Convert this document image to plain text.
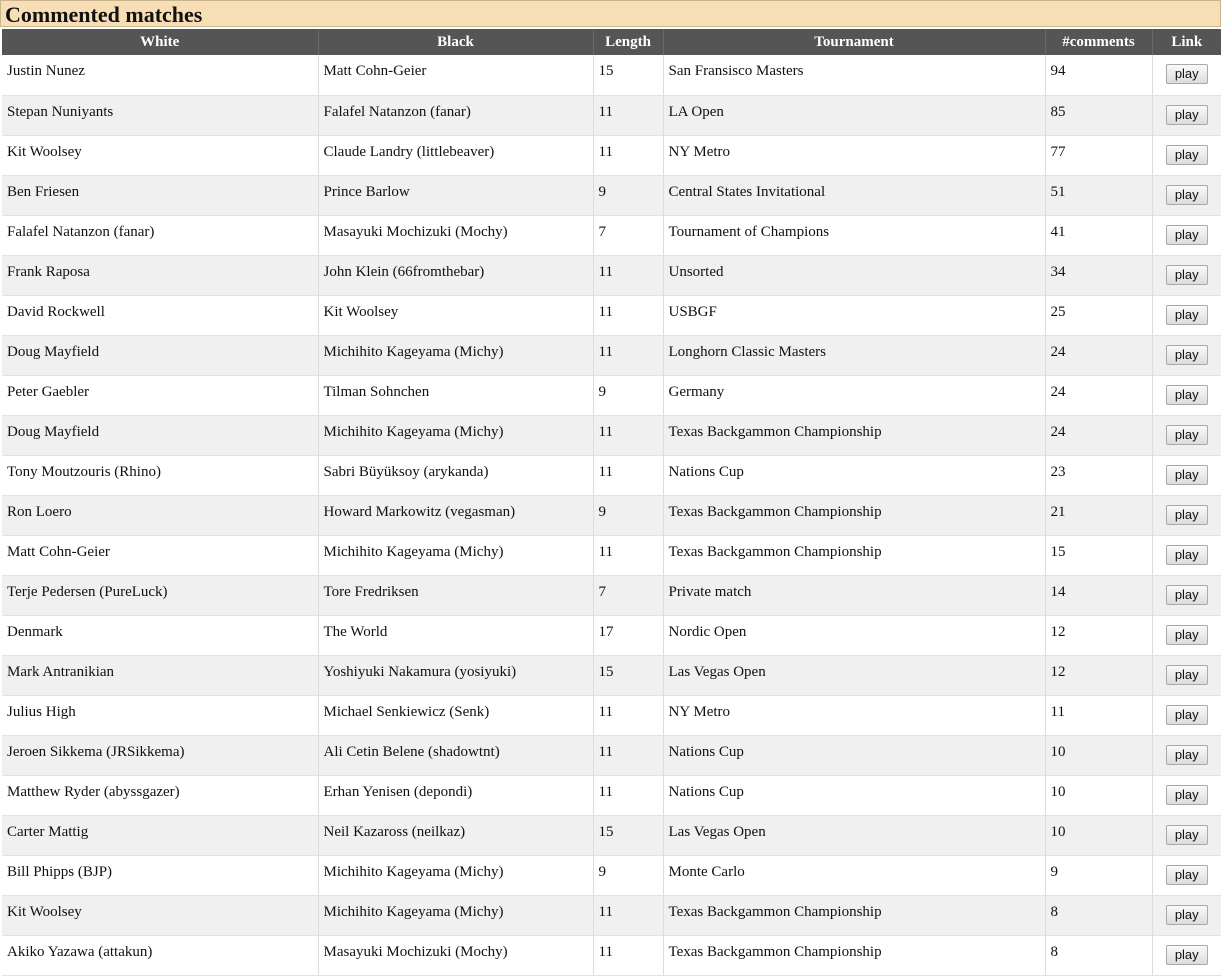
Commented matches
White	Black	Length	Tournament	#comments	Link
Justin Nunez	Matt Cohn-Geier	15	San Fransisco Masters	94	play
Stepan Nuniyants	Falafel Natanzon (fanar)	11	LA Open	85	play
Kit Woolsey	Claude Landry (littlebeaver)	11	NY Metro	77	play
Ben Friesen	Prince Barlow	9	Central States Invitational	51	play
Falafel Natanzon (fanar)	Masayuki Mochizuki (Mochy)	7	Tournament of Champions	41	play
Frank Raposa	John Klein (66fromthebar)	11	Unsorted	34	play
David Rockwell	Kit Woolsey	11	USBGF	25	play
Doug Mayfield	Michihito Kageyama (Michy)	11	Longhorn Classic Masters	24	play
Peter Gaebler	Tilman Sohnchen	9	Germany	24	play
Doug Mayfield	Michihito Kageyama (Michy)	11	Texas Backgammon Championship	24	play
Tony Moutzouris (Rhino)	Sabri Büyüksoy (arykanda)	11	Nations Cup	23	play
Ron Loero	Howard Markowitz (vegasman)	9	Texas Backgammon Championship	21	play
Matt Cohn-Geier	Michihito Kageyama (Michy)	11	Texas Backgammon Championship	15	play
Terje Pedersen (PureLuck)	Tore Fredriksen	7	Private match	14	play
Denmark	The World	17	Nordic Open	12	play
Mark Antranikian	Yoshiyuki Nakamura (yosiyuki)	15	Las Vegas Open	12	play
Julius High	Michael Senkiewicz (Senk)	11	NY Metro	11	play
Jeroen Sikkema (JRSikkema)	Ali Cetin Belene (shadowtnt)	11	Nations Cup	10	play
Matthew Ryder (abyssgazer)	Erhan Yenisen (depondi)	11	Nations Cup	10	play
Carter Mattig	Neil Kazaross (neilkaz)	15	Las Vegas Open	10	play
Bill Phipps (BJP)	Michihito Kageyama (Michy)	9	Monte Carlo	9	play
Kit Woolsey	Michihito Kageyama (Michy)	11	Texas Backgammon Championship	8	play
Akiko Yazawa (attakun)	Masayuki Mochizuki (Mochy)	11	Texas Backgammon Championship	8	play
